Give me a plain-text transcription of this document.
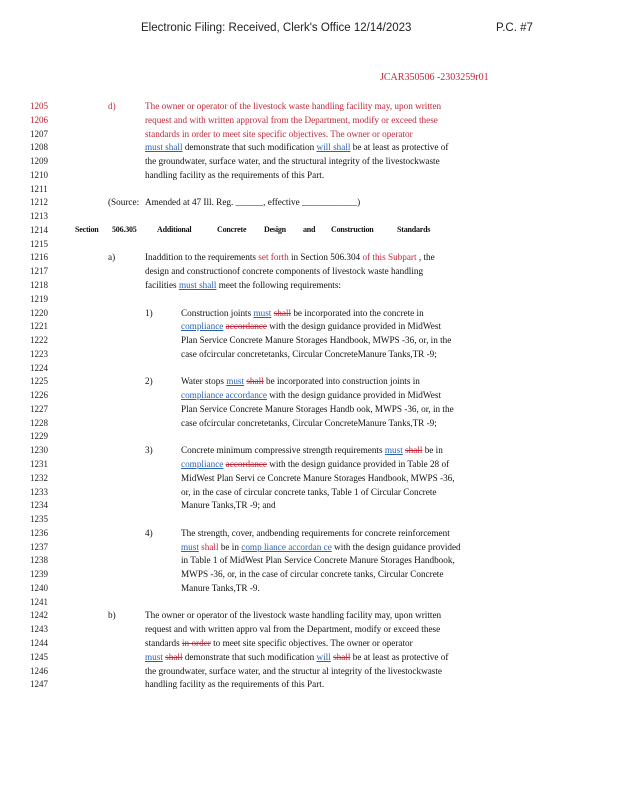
Electronic Filing: Received, Clerk's Office 12/14/2023	P.C. #7
JCAR350506 -2303259r01
1205	d)	The owner or operator of the livestock waste handling facility may, upon written
1206	request and with written approval from the Department, modify or exceed these
1207	standards in order to meet site specific objectives. The owner or operator
1208	must shall demonstrate that such modification will shall be at least as protective of
1209	the groundwater, surface water, and the structural integrity of the livestockwaste
1210	handling facility as the requirements of this Part.
1211
1212	(Source: Amended at 47 Ill. Reg. ______, effective ____________)
1213
1214	Section 506.305	Additional	Concrete Design and Construction	Standards
1215
1216	a)	Inaddition to the requirements set forth in Section 506.304 of this Subpart , the
1217	design and constructionof concrete components of livestock waste handling
1218	facilities must shall meet the following requirements:
1219
1220	1)	Construction joints must shall be incorporated into the concrete in
1221	compliance accordance with the design guidance provided in MidWest
1222	Plan Service Concrete Manure Storages Handbook, MWPS -36, or, in the
1223	case ofcircular concretetanks, Circular ConcreteManure Tanks,TR -9;
1224
1225	2)	Water stops must shall be incorporated into construction joints in
1226	compliance accordance with the design guidance provided in MidWest
1227	Plan Service Concrete Manure Storages Handb ook, MWPS -36, or, in the
1228	case ofcircular concretetanks, Circular ConcreteManure Tanks,TR -9;
1229
1230	3)	Concrete minimum compressive strength requirements must shall be in
1231	compliance accordance with the design guidance provided in Table 28 of
1232	MidWest Plan Servi ce Concrete Manure Storages Handbook, MWPS -36,
1233	or, in the case of circular concrete tanks, Table 1 of Circular Concrete
1234	Manure Tanks,TR -9; and
1235
1236	4)	The strength, cover, andbending requirements for concrete reinforcement
1237	must shall be in comp liance accordan ce with the design guidance provided
1238	in Table 1 of MidWest Plan Service Concrete Manure Storages Handbook,
1239	MWPS -36, or, in the case of circular concrete tanks, Circular Concrete
1240	Manure Tanks,TR -9.
1241
1242	b)	The owner or operator of the livestock waste handling facility may, upon written
1243	request and with written appro val from the Department, modify or exceed these
1244	standards in order to meet site specific objectives. The owner or operator
1245	must shall demonstrate that such modification will shall be at least as protective of
1246	the groundwater, surface water, and the structur al integrity of the livestockwaste
1247	handling facility as the requirements of this Part.
